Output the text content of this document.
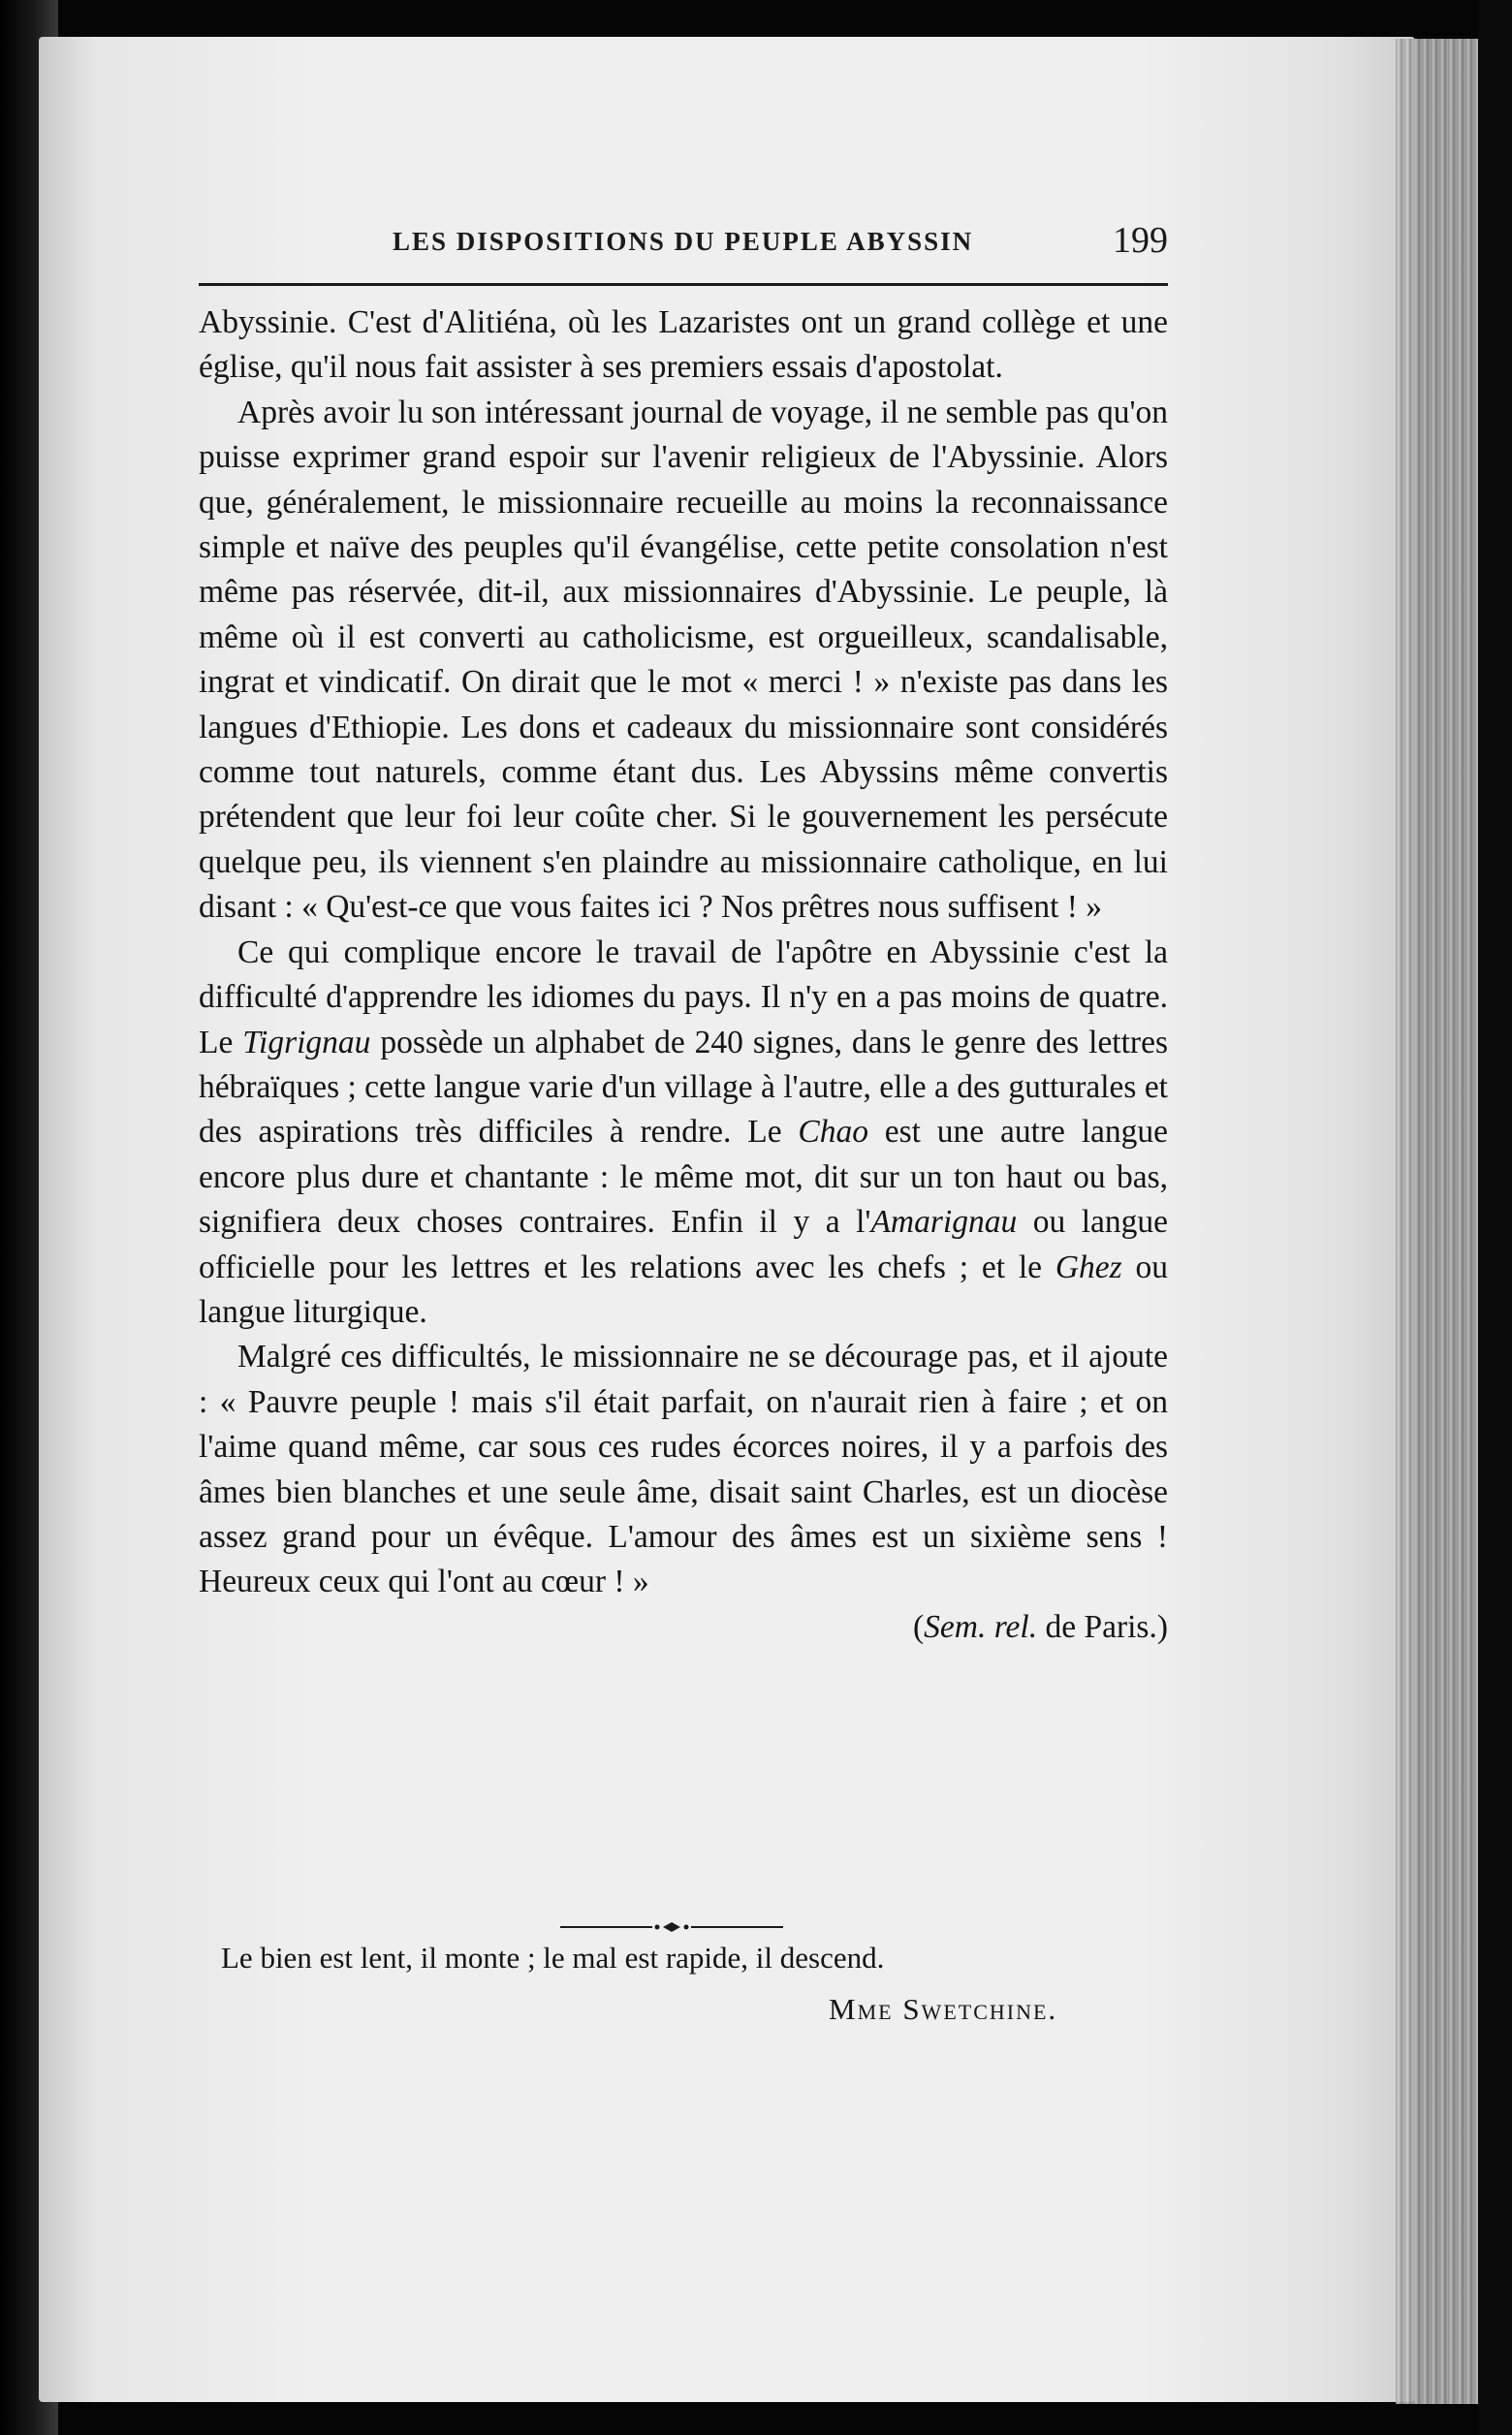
LES DISPOSITIONS DU PEUPLE ABYSSIN	199

Abyssinie. C'est d'Alitiéna, où les Lazaristes ont un grand collège et une église, qu'il nous fait assister à ses premiers essais d'apostolat.

Après avoir lu son intéressant journal de voyage, il ne semble pas qu'on puisse exprimer grand espoir sur l'avenir religieux de l'Abyssinie. Alors que, généralement, le missionnaire recueille au moins la reconnaissance simple et naïve des peuples qu'il évangélise, cette petite consolation n'est même pas réservée, dit-il, aux missionnaires d'Abyssinie. Le peuple, là même où il est converti au catholicisme, est orgueilleux, scandalisable, ingrat et vindicatif. On dirait que le mot « merci ! » n'existe pas dans les langues d'Ethiopie. Les dons et cadeaux du missionnaire sont considérés comme tout naturels, comme étant dus. Les Abyssins même convertis prétendent que leur foi leur coûte cher. Si le gouvernement les persécute quelque peu, ils viennent s'en plaindre au missionnaire catholique, en lui disant : « Qu'est-ce que vous faites ici ? Nos prêtres nous suffisent ! »

Ce qui complique encore le travail de l'apôtre en Abyssinie c'est la difficulté d'apprendre les idiomes du pays. Il n'y en a pas moins de quatre. Le Tigrignau possède un alphabet de 240 signes, dans le genre des lettres hébraïques ; cette langue varie d'un village à l'autre, elle a des gutturales et des aspirations très difficiles à rendre. Le Chao est une autre langue encore plus dure et chantante : le même mot, dit sur un ton haut ou bas, signifiera deux choses contraires. Enfin il y a l'Amarignau ou langue officielle pour les lettres et les relations avec les chefs ; et le Ghez ou langue liturgique.

Malgré ces difficultés, le missionnaire ne se décourage pas, et il ajoute : « Pauvre peuple ! mais s'il était parfait, on n'aurait rien à faire ; et on l'aime quand même, car sous ces rudes écorces noires, il y a parfois des âmes bien blanches et une seule âme, disait saint Charles, est un diocèse assez grand pour un évêque. L'amour des âmes est un sixième sens ! Heureux ceux qui l'ont au cœur ! »

(Sem. rel. de Paris.)

Le bien est lent, il monte ; le mal est rapide, il descend.
Mme Swetchine.
